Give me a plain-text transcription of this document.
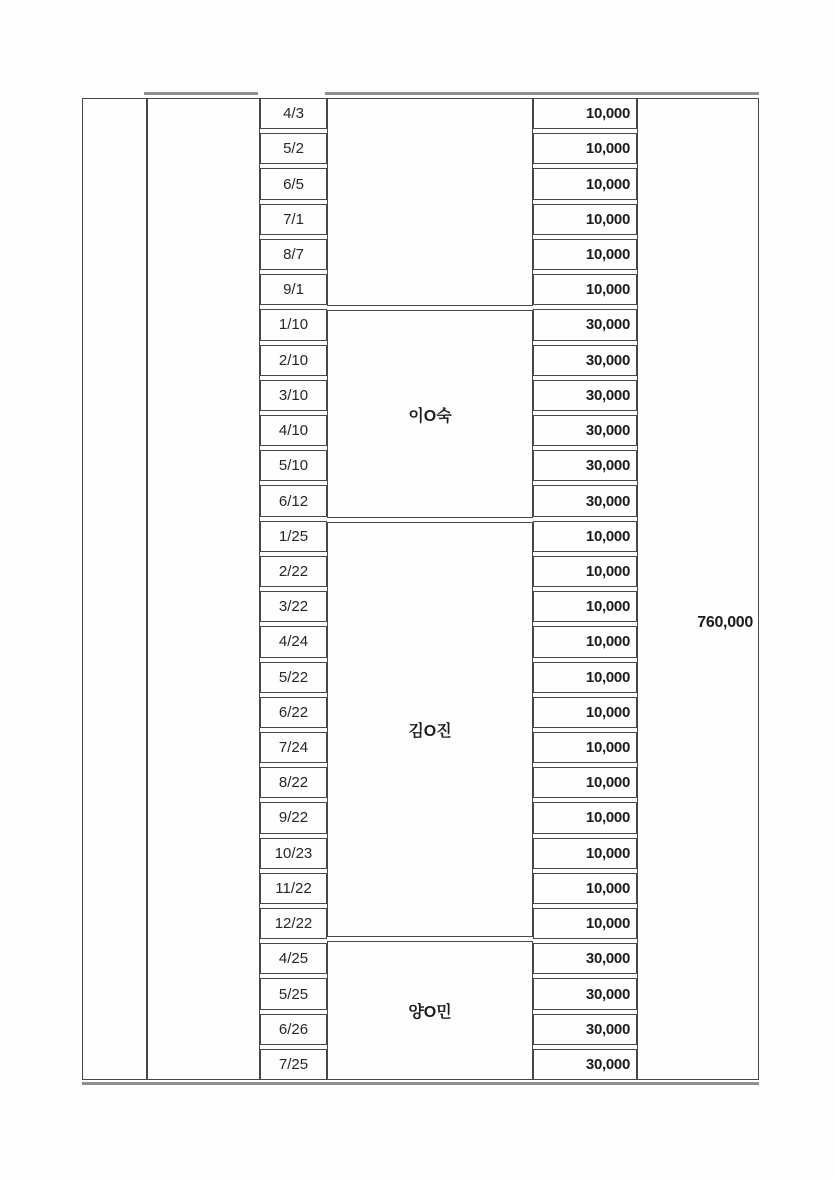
4/3
5/2
6/5
7/1
8/7
9/1
1/10
2/10
3/10
4/10
5/10
6/12
1/25
2/22
3/22
4/24
5/22
6/22
7/24
8/22
9/22
10/23
11/22
12/22
4/25
5/25
6/26
7/25
이O숙
김O진
양O민
10,000
10,000
10,000
10,000
10,000
10,000
30,000
30,000
30,000
30,000
30,000
30,000
10,000
10,000
10,000
10,000
10,000
10,000
10,000
10,000
10,000
10,000
10,000
10,000
30,000
30,000
30,000
30,000
760,000
